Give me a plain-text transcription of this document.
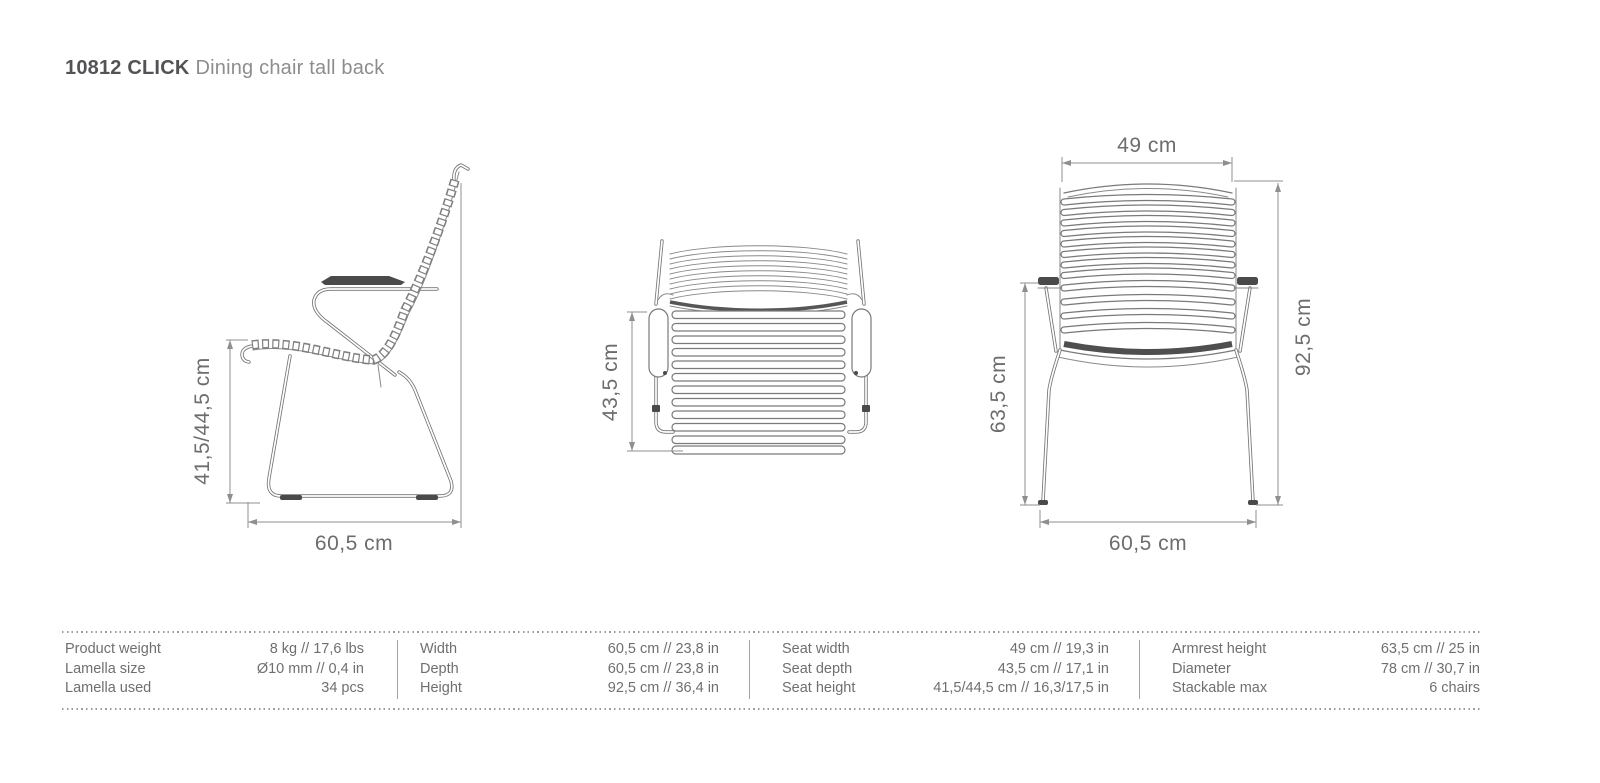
10812 CLICK Dining chair tall back
41,5/44,5 cm
60,5 cm
43,5 cm
49 cm
63,5 cm
92,5 cm
60,5 cm
Product weight	8 kg // 17,6 lbs
Lamella size	Ø10 mm // 0,4 in
Lamella used	34 pcs
Width	60,5 cm // 23,8 in
Depth	60,5 cm // 23,8 in
Height	92,5 cm // 36,4 in
Seat width	49 cm // 19,3 in
Seat depth	43,5 cm // 17,1 in
Seat height	41,5/44,5 cm // 16,3/17,5 in
Armrest height	63,5 cm // 25 in
Diameter	78 cm // 30,7 in
Stackable max	6 chairs
